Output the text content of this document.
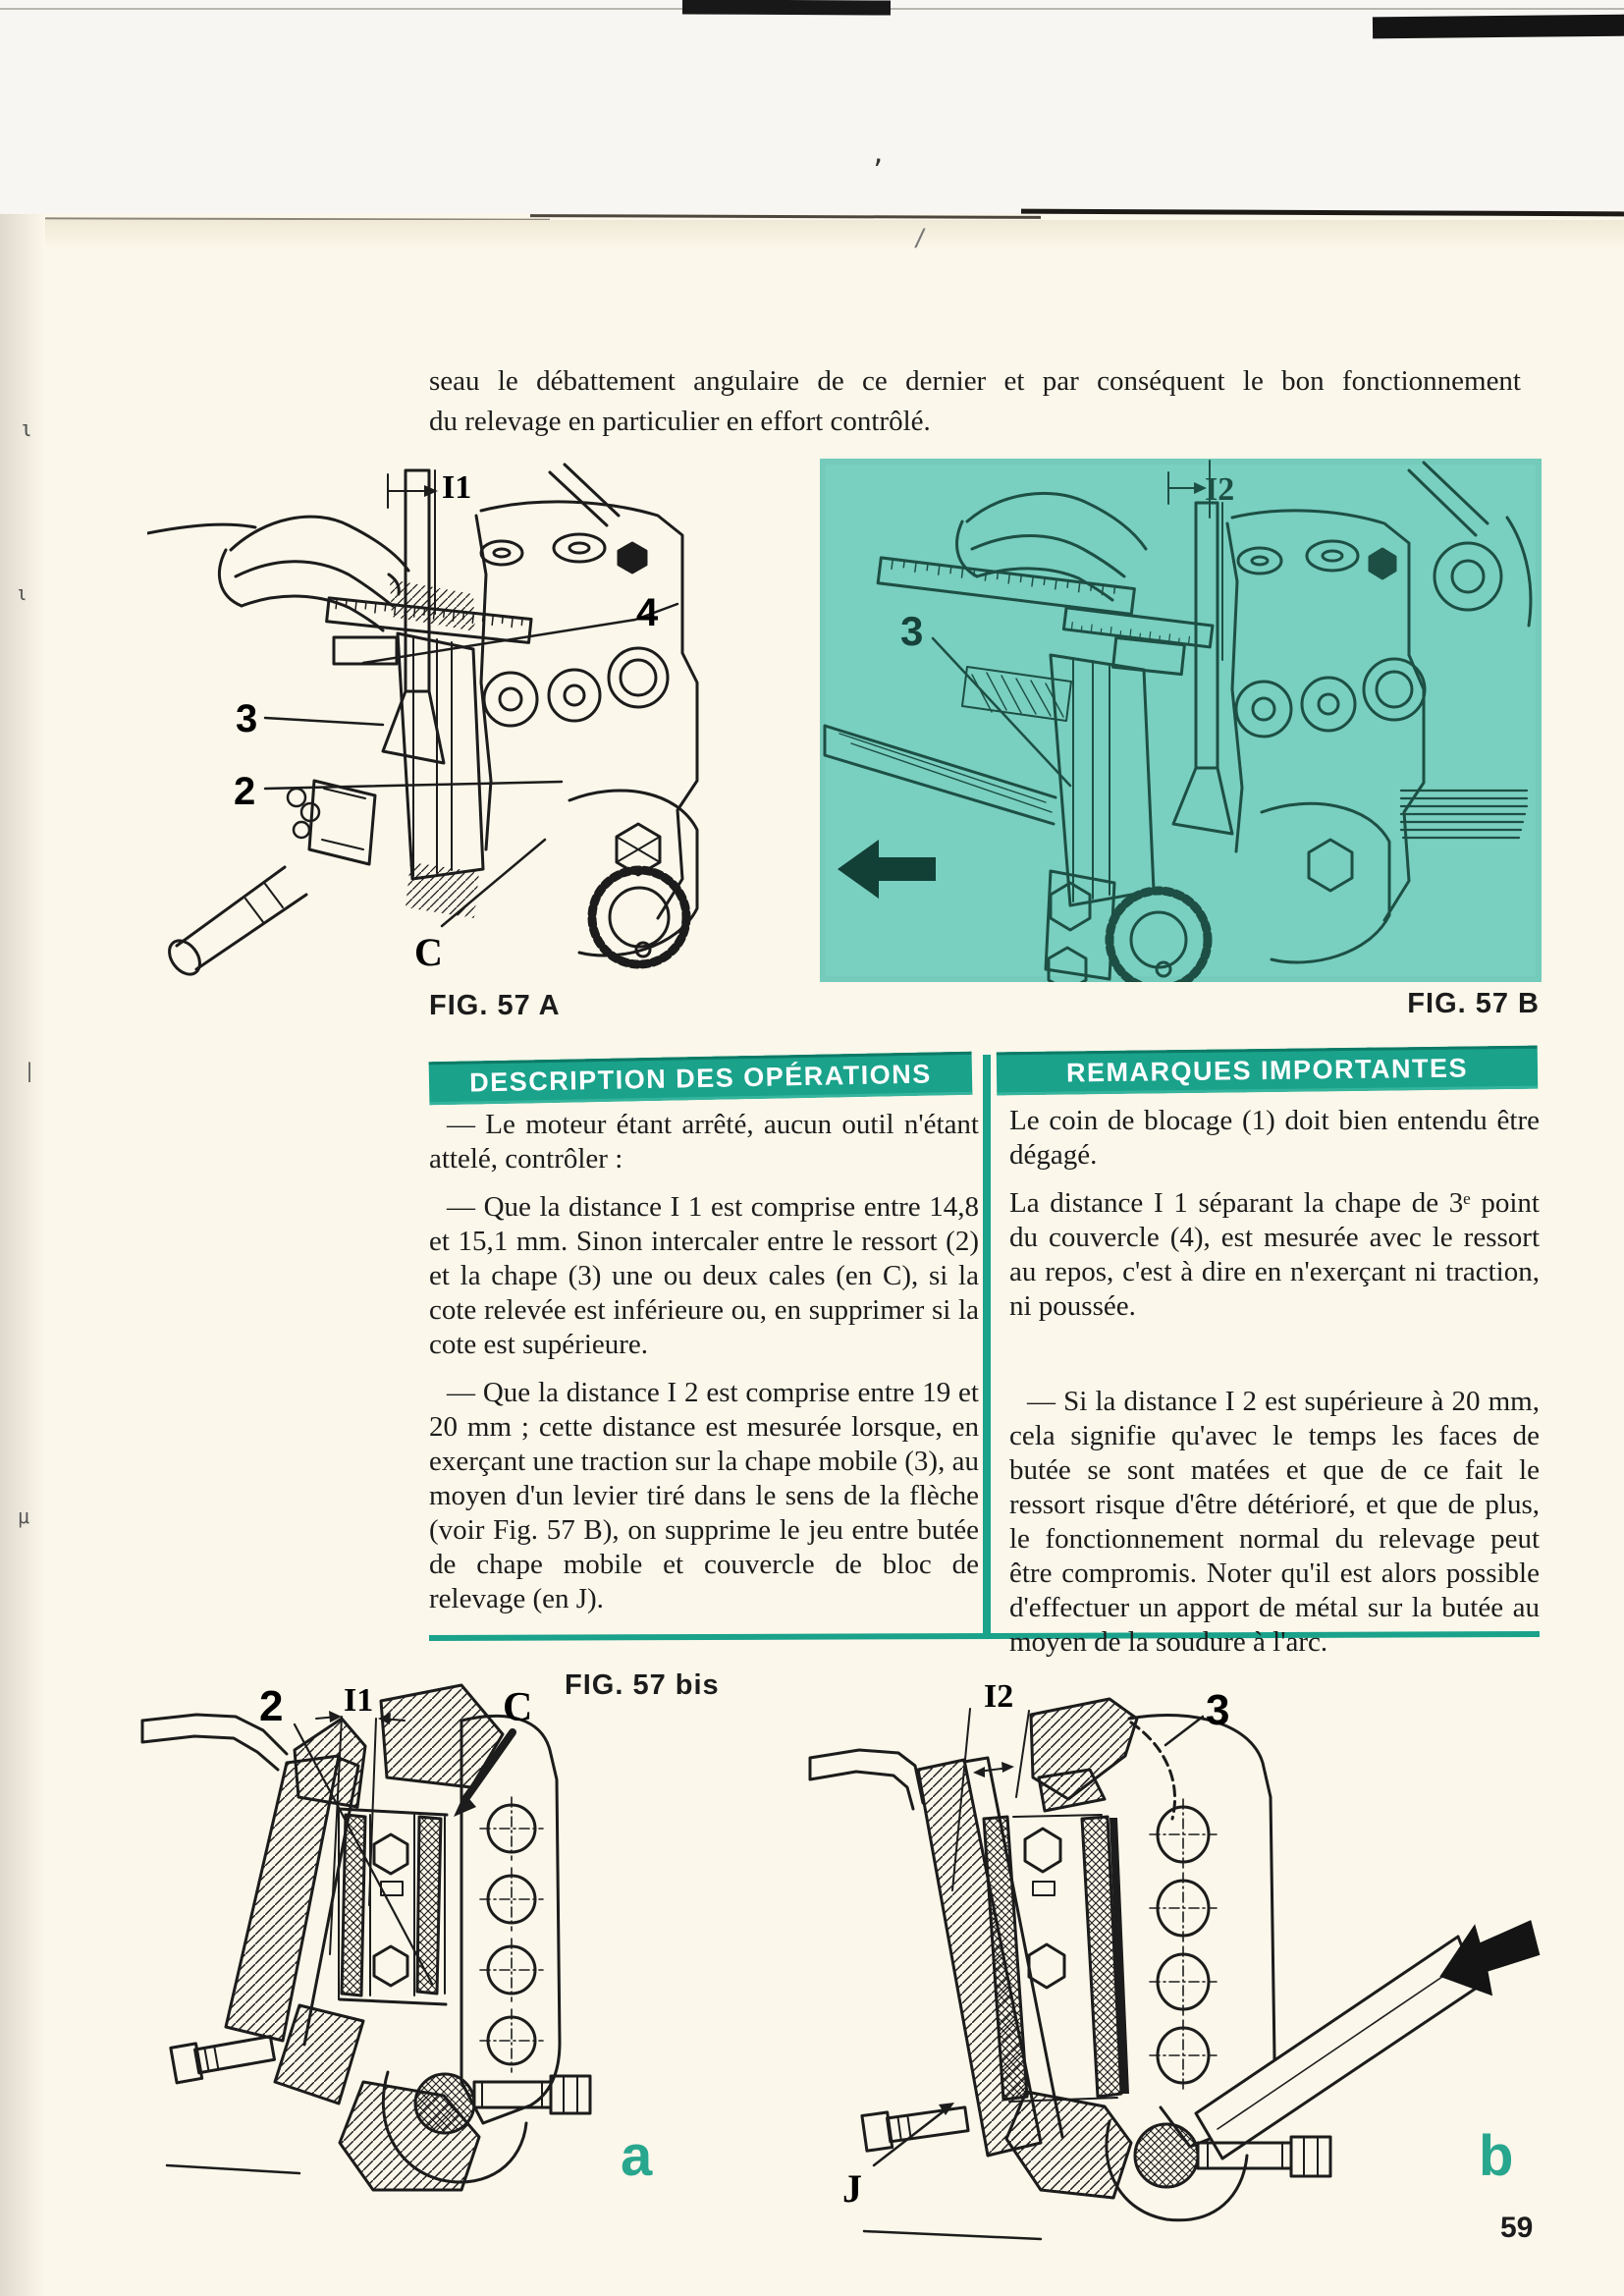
ι
ι
|
μ
’
/
seau le débattement angulaire de ce dernier et par conséquent le bon fonctionnement
du relevage en particulier en effort contrôlé.
I1
4
3
2
C
I2
3
FIG. 57 A	FIG. 57 B
DESCRIPTION DES OPÉRATIONS	REMARQUES IMPORTANTES

— Le moteur étant arrêté, aucun outil n'étant attelé, contrôler :

— Que la distance I 1 est comprise entre 14,8 et 15,1 mm. Sinon intercaler entre le ressort (2) et la chape (3) une ou deux cales (en C), si la cote relevée est inférieure ou, en supprimer si la cote est supérieure.

— Que la distance I 2 est comprise entre 19 et 20 mm ; cette distance est mesurée lorsque, en exerçant une traction sur la chape mobile (3), au moyen d'un levier tiré dans le sens de la flèche (voir Fig. 57 B), on supprime le jeu entre butée de chape mobile et couvercle de bloc de relevage (en J).

Le coin de blocage (1) doit bien entendu être dégagé.

La distance I 1 séparant la chape de 3ᵉ point du couvercle (4), est mesurée avec le ressort au repos, c'est à dire en n'exerçant ni traction, ni poussée.

— Si la distance I 2 est supérieure à 20 mm, cela signifie qu'avec le temps les faces de butée se sont matées et que de ce fait le ressort risque d'être détérioré, et que de plus, le fonctionnement normal du relevage peut être compromis. Noter qu'il est alors possible d'effectuer un apport de métal sur la butée au moyen de la soudure à l'arc.

FIG. 57 bis
2 I1	C
a
I2	3
J
b
59
